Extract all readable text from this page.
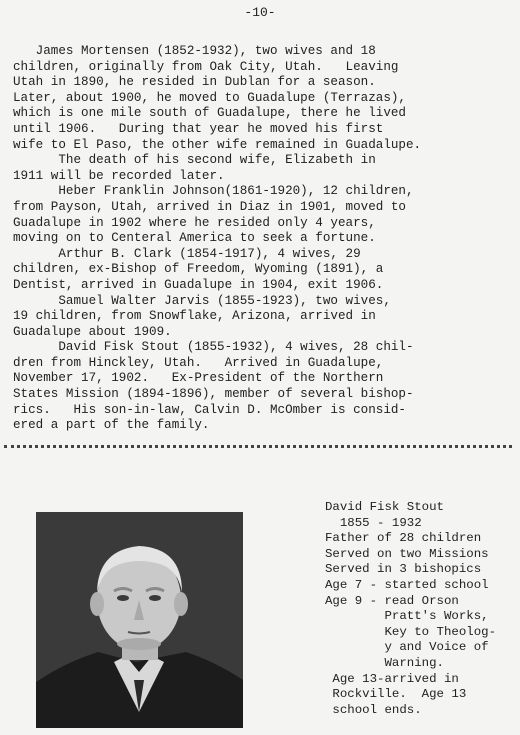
-10-
James Mortensen (1852-1932), two wives and 18
children, originally from Oak City, Utah.   Leaving
Utah in 1890, he resided in Dublan for a season.
Later, about 1900, he moved to Guadalupe (Terrazas),
which is one mile south of Guadalupe, there he lived
until 1906.   During that year he moved his first
wife to El Paso, the other wife remained in Guadalupe.
The death of his second wife, Elizabeth in
1911 will be recorded later.
Heber Franklin Johnson(1861-1920), 12 children,
from Payson, Utah, arrived in Diaz in 1901, moved to
Guadalupe in 1902 where he resided only 4 years,
moving on to Centeral America to seek a fortune.
Arthur B. Clark (1854-1917), 4 wives, 29
children, ex-Bishop of Freedom, Wyoming (1891), a
Dentist, arrived in Guadalupe in 1904, exit 1906.
Samuel Walter Jarvis (1855-1923), two wives,
19 children, from Snowflake, Arizona, arrived in
Guadalupe about 1909.
David Fisk Stout (1855-1932), 4 wives, 28 chil-
dren from Hinckley, Utah.   Arrived in Guadalupe,
November 17, 1902.   Ex-President of the Northern
States Mission (1894-1896), member of several bishop-
rics.   His son-in-law, Calvin D. McOmber is consid-
ered a part of the family.
David Fisk Stout
1855 - 1932
Father of 28 children
Served on two Missions
Served in 3 bishopics
Age 7 - started school
Age 9 - read Orson
Pratt's Works,
Key to Theolog-
y and Voice of
Warning.
Age 13-arrived in
Rockville.  Age 13
school ends.
